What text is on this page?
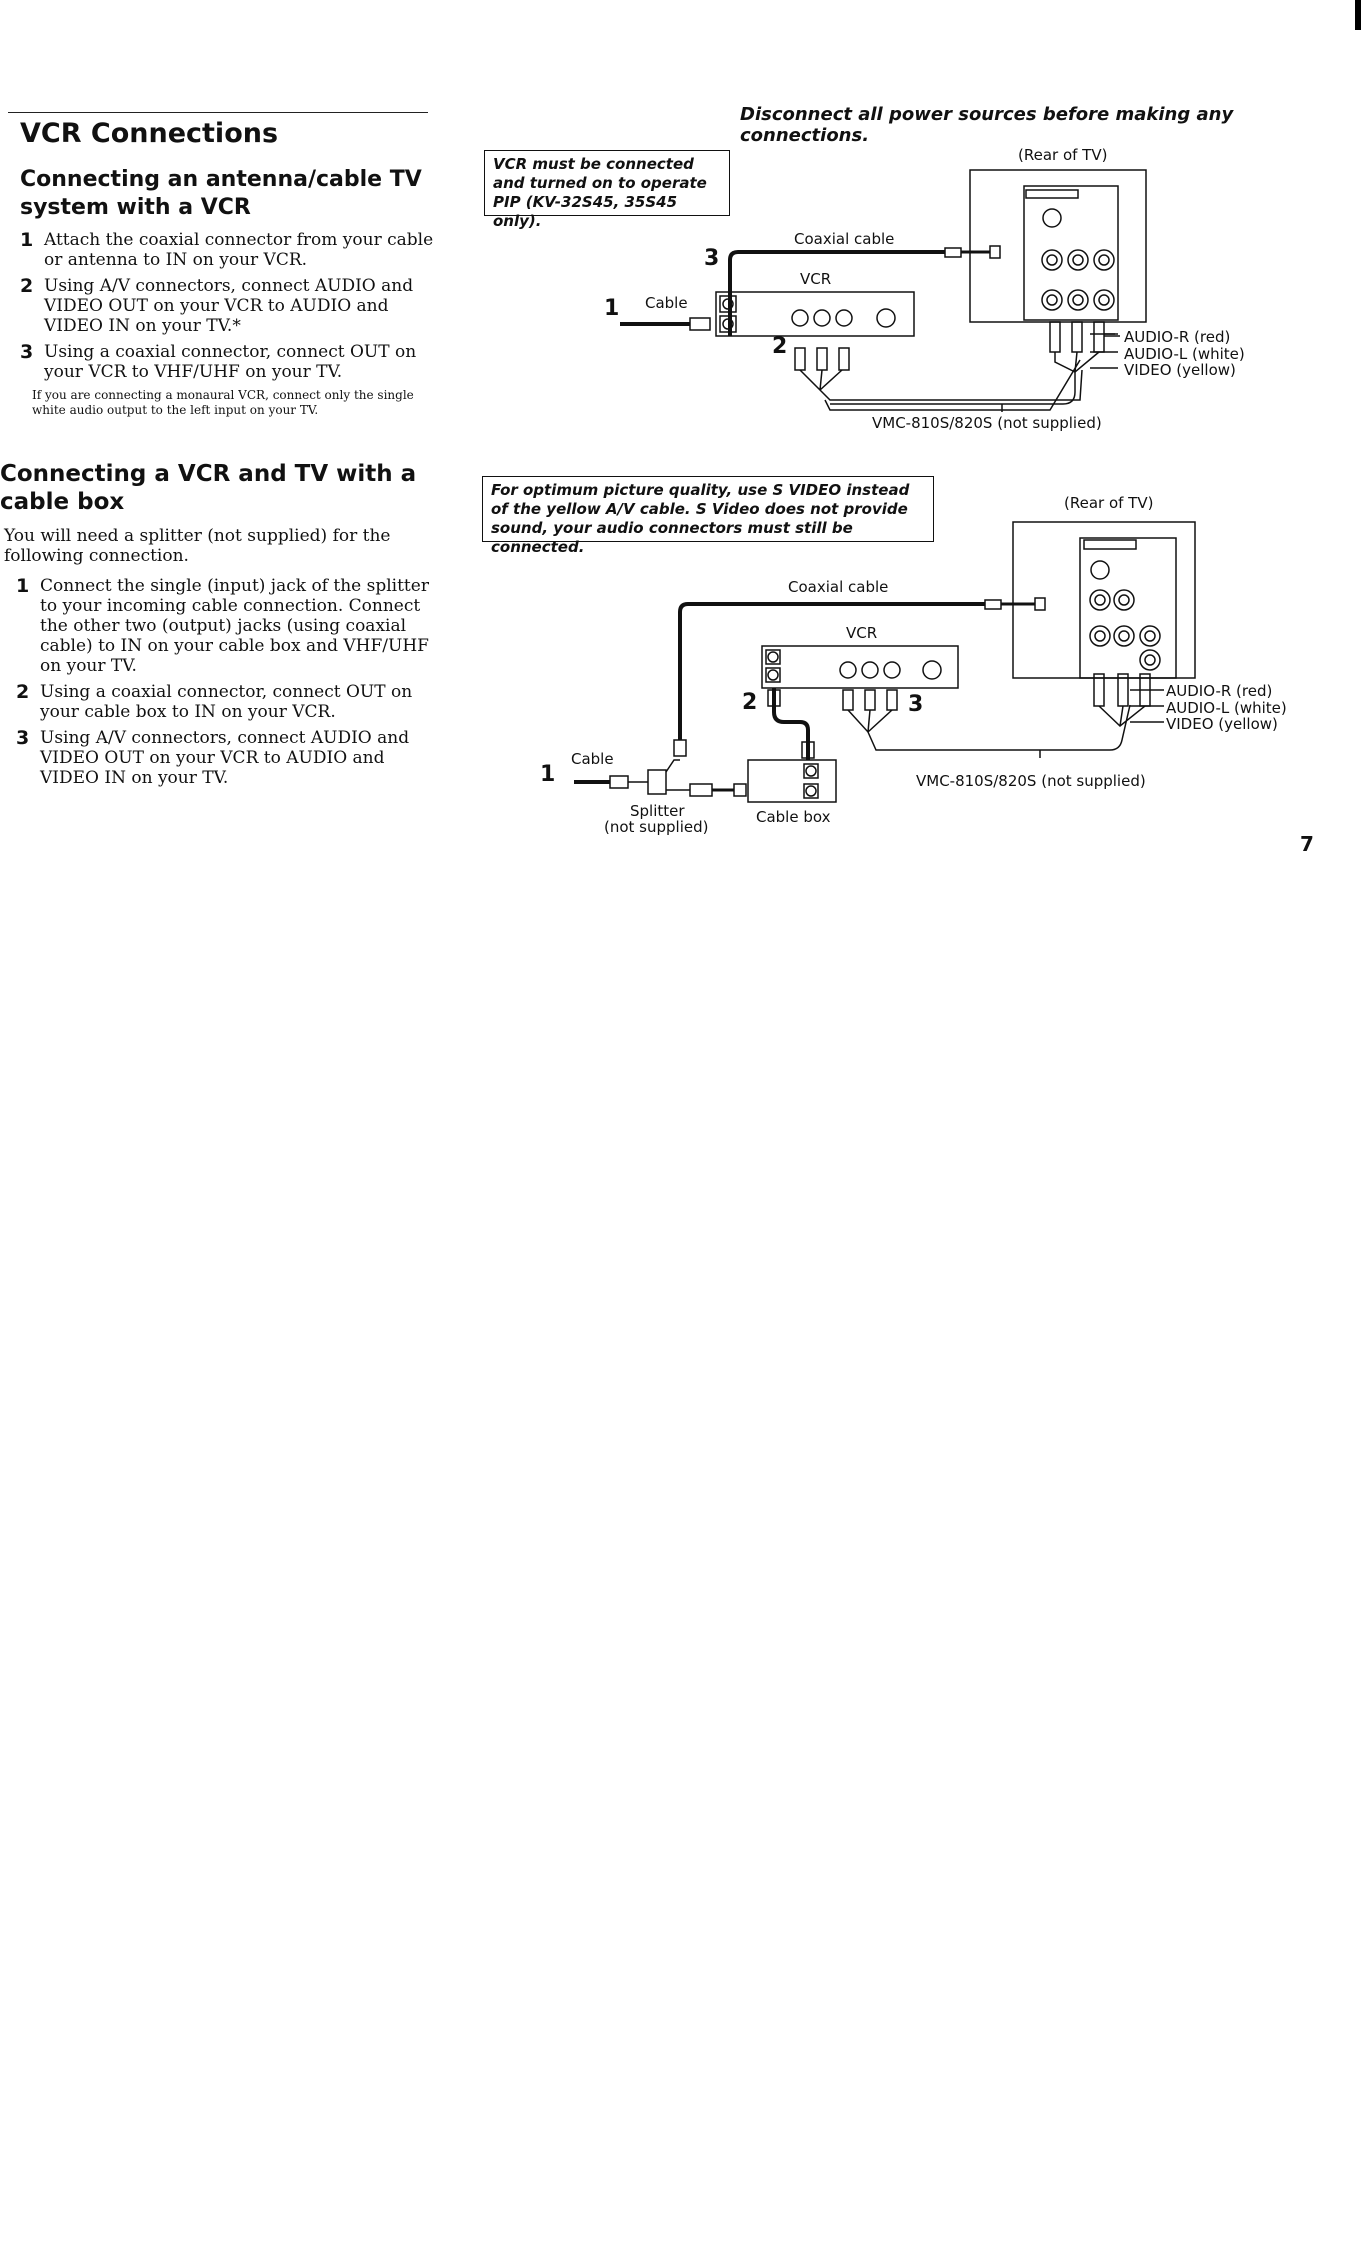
VCR Connections
Connecting an antenna/cable TV
system with a VCR
1 Attach the coaxial connector from your cable or antenna to IN on your VCR.
2 Using A/V connectors, connect AUDIO and VIDEO OUT on your VCR to AUDIO and VIDEO IN on your TV.*
3 Using a coaxial connector, connect OUT on your VCR to VHF/UHF on your TV.
If you are connecting a monaural VCR, connect only the single white audio output to the left input on your TV.
Connecting a VCR and TV with a
cable box
You will need a splitter (not supplied) for the following connection.
1 Connect the single (input) jack of the splitter to your incoming cable connection. Connect the other two (output) jacks (using coaxial cable) to IN on your cable box and VHF/UHF on your TV.
2 Using a coaxial connector, connect OUT on your cable box to IN on your VCR.
3 Using A/V connectors, connect AUDIO and VIDEO OUT on your VCR to AUDIO and VIDEO IN on your TV.
Disconnect all power sources before making any connections.
VCR must be connected and turned on to operate PIP (KV-32S45, 35S45 only).
(Rear of TV)
Coaxial cable
VCR
Cable
1
2
3
AUDIO-R (red)
AUDIO-L (white)
VIDEO (yellow)
VMC-810S/820S (not supplied)
For optimum picture quality, use S VIDEO instead of the yellow A/V cable. S Video does not provide sound, your audio connectors must still be connected.
(Rear of TV)
Coaxial cable
VCR
Cable
1
2	3
AUDIO-R (red)
AUDIO-L (white)
VIDEO (yellow)
VMC-810S/820S (not supplied)
Splitter
(not supplied)
Cable box
7
